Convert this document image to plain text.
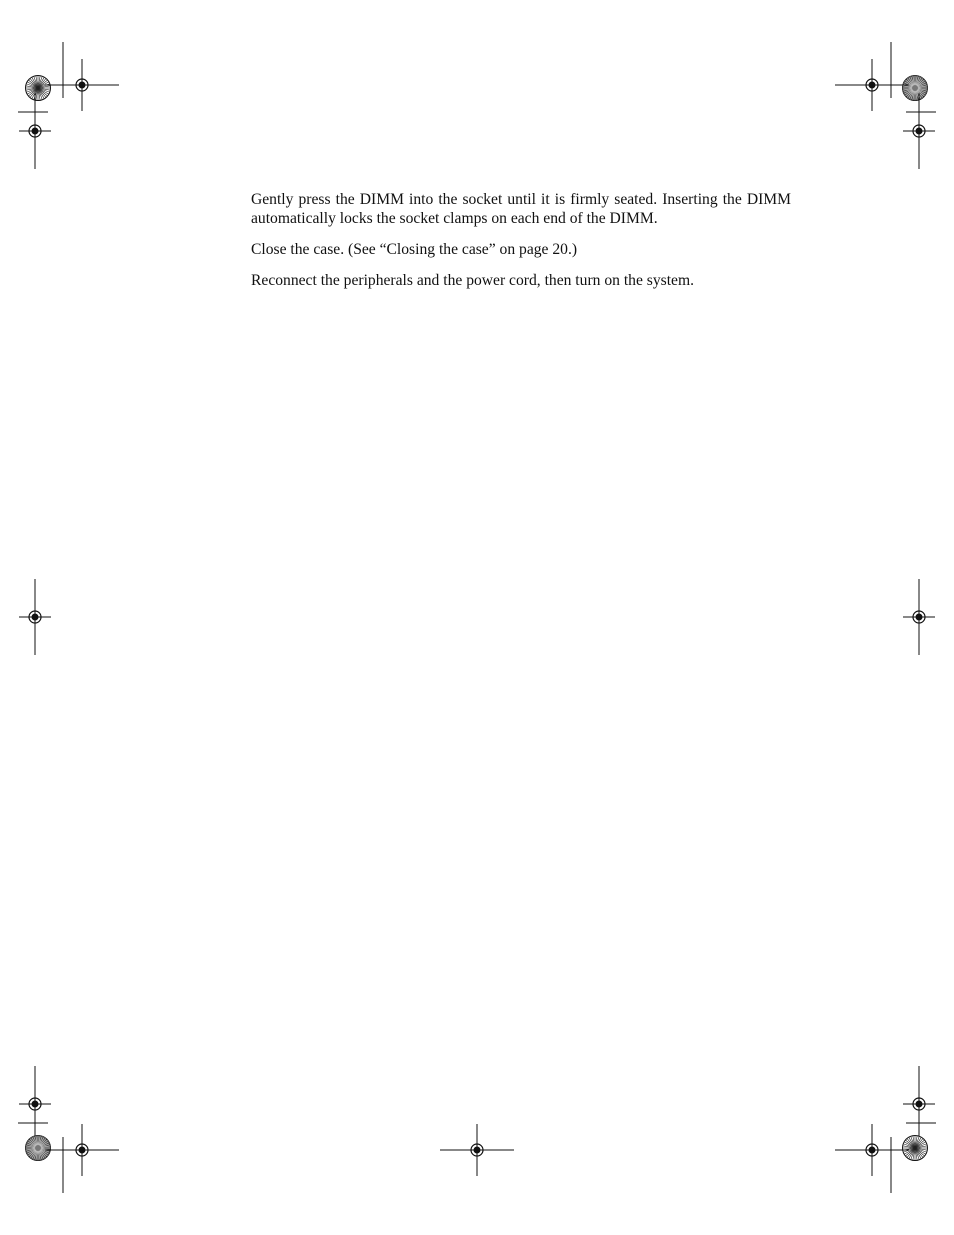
Gently press the DIMM into the socket until it is firmly seated. Inserting the DIMM automatically locks the socket clamps on each end of the DIMM.

Close the case. (See “Closing the case” on page 20.)

Reconnect the peripherals and the power cord, then turn on the system.
